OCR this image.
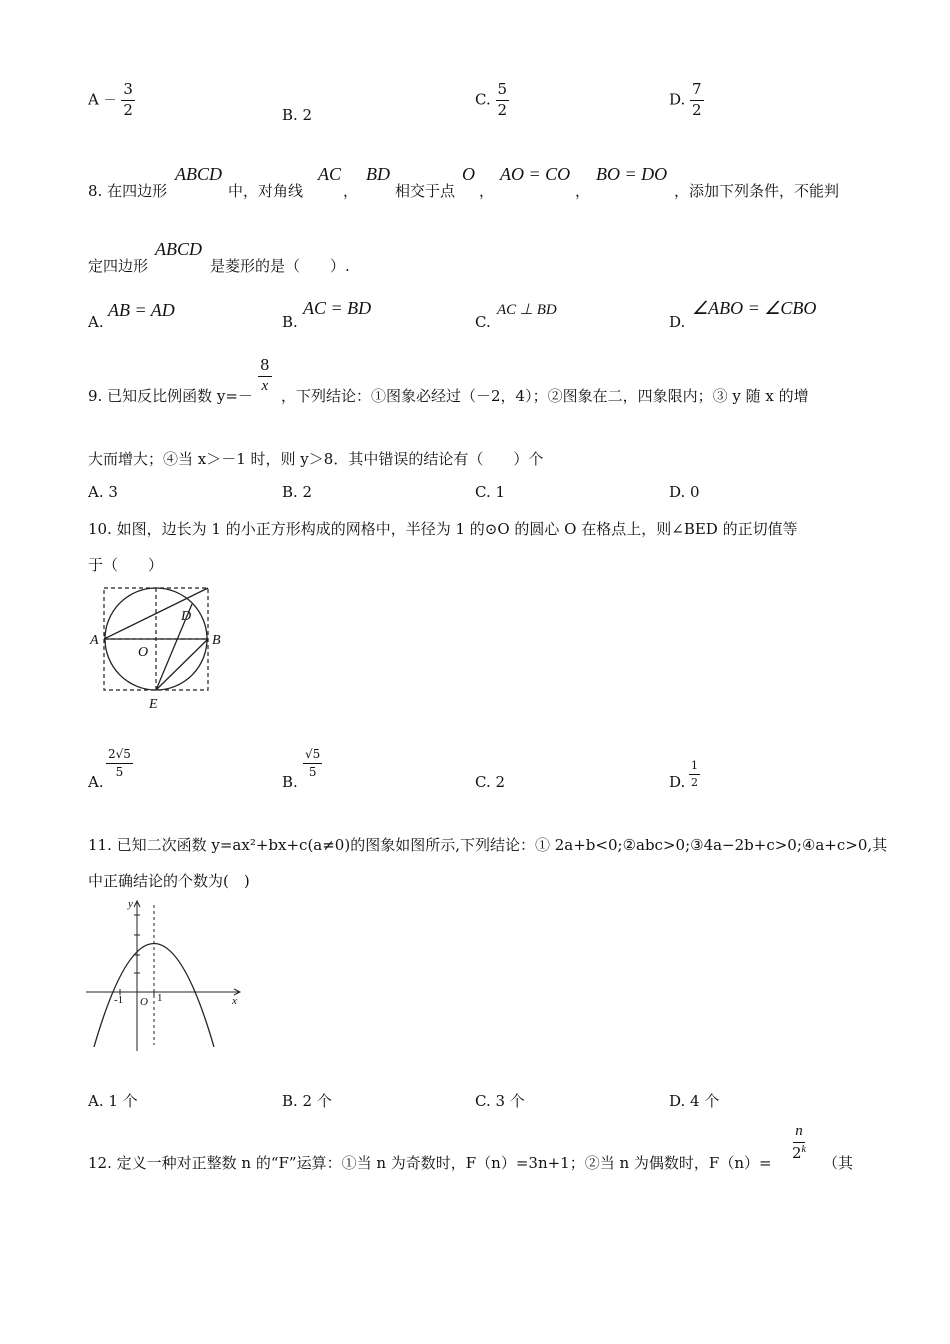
$A - \frac{3}{2}$	B. 2
C. $\frac{5}{2}$	D. $\frac{7}{2}$
8. 在四边形
ABCD
中，对角线
AC
，
BD
相交于点
O
，
AO = CO
，
BO = DO
，添加下列条件，不能判
定四边形
ABCD
是菱形的是（　　）.
A.
AB = AD
B.
AC = BD
C.
AC ⊥ BD
D.
∠ABO = ∠CBO
9. 已知反比例函数 y=－
$\frac{8}{x}$
，下列结论：①图象必经过（－2，4）；②图象在二，四象限内；③ y 随 x 的增
大而增大；④当 x＞－1 时，则 y＞8．其中错误的结论有（　　）个
A. 3	B. 2	C. 1	D. 0
10. 如图，边长为 1 的小正方形构成的网格中，半径为 1 的⊙O 的圆心 O 在格点上，则∠BED 的正切值等
于（　　）
A	B
D
O
E
A.
$\frac{2√5}{5}$
B.
$\frac{√5}{5}$
C. 2	D. $\frac{1}{2}$
11. 已知二次函数 y=ax²+bx+c(a≠0)的图象如图所示,下列结论：① 2a+b<0;②abc>0;③4a−2b+c>0;④a+c>0,其
中正确结论的个数为(　)
y
x
O
-1	1
A. 1 个	B. 2 个	C. 3 个	D. 4 个
12. 定义一种对正整数 n 的“F”运算：①当 n 为奇数时，F（n）=3n+1；②当 n 为偶数时，F（n）=
$\frac{n}{2^k}$
（其
